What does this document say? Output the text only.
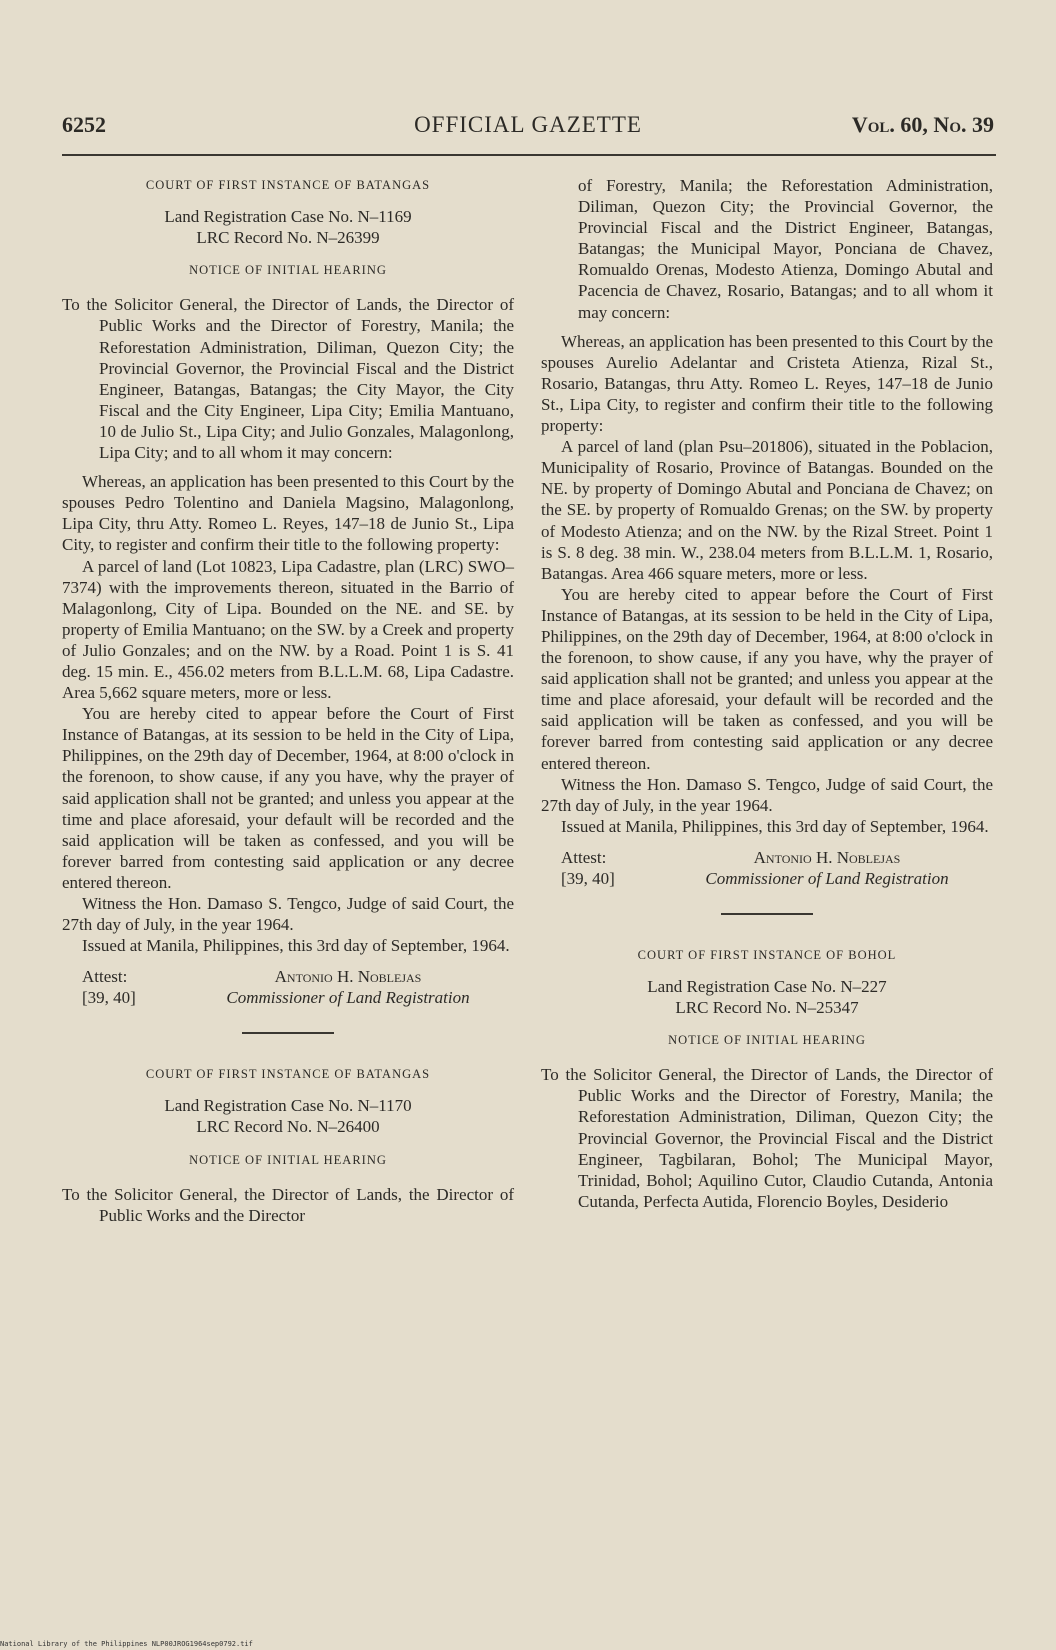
6252	OFFICIAL GAZETTE	Vol. 60, No. 39

COURT OF FIRST INSTANCE OF BATANGAS

Land Registration Case No. N–1169

LRC Record No. N–26399

NOTICE OF INITIAL HEARING

To the Solicitor General, the Director of Lands, the Director of Public Works and the Director of Forestry, Manila; the Reforestation Administration, Diliman, Quezon City; the Provincial Governor, the Provincial Fiscal and the District Engineer, Batangas, Batangas; the City Mayor, the City Fiscal and the City Engineer, Lipa City; Emilia Mantuano, 10 de Julio St., Lipa City; and Julio Gonzales, Malagonlong, Lipa City; and to all whom it may concern:

Whereas, an application has been presented to this Court by the spouses Pedro Tolentino and Daniela Magsino, Malagonlong, Lipa City, thru Atty. Romeo L. Reyes, 147–18 de Junio St., Lipa City, to register and confirm their title to the following property:

A parcel of land (Lot 10823, Lipa Cadastre, plan (LRC) SWO–7374) with the improvements thereon, situated in the Barrio of Malagonlong, City of Lipa. Bounded on the NE. and SE. by property of Emilia Mantuano; on the SW. by a Creek and property of Julio Gonzales; and on the NW. by a Road. Point 1 is S. 41 deg. 15 min. E., 456.02 meters from B.L.L.M. 68, Lipa Cadastre. Area 5,662 square meters, more or less.

You are hereby cited to appear before the Court of First Instance of Batangas, at its session to be held in the City of Lipa, Philippines, on the 29th day of December, 1964, at 8:00 o'clock in the forenoon, to show cause, if any you have, why the prayer of said application shall not be granted; and unless you appear at the time and place aforesaid, your default will be recorded and the said application will be taken as confessed, and you will be forever barred from contesting said application or any decree entered thereon.

Witness the Hon. Damaso S. Tengco, Judge of said Court, the 27th day of July, in the year 1964.

Issued at Manila, Philippines, this 3rd day of September, 1964.

Attest:
[39, 40]
Antonio H. Noblejas
Commissioner of Land Registration

COURT OF FIRST INSTANCE OF BATANGAS

Land Registration Case No. N–1170

LRC Record No. N–26400

NOTICE OF INITIAL HEARING

To the Solicitor General, the Director of Lands, the Director of Public Works and the Director

of Forestry, Manila; the Reforestation Administration, Diliman, Quezon City; the Provincial Governor, the Provincial Fiscal and the District Engineer, Batangas, Batangas; the Municipal Mayor, Ponciana de Chavez, Romualdo Orenas, Modesto Atienza, Domingo Abutal and Pacencia de Chavez, Rosario, Batangas; and to all whom it may concern:

Whereas, an application has been presented to this Court by the spouses Aurelio Adelantar and Cristeta Atienza, Rizal St., Rosario, Batangas, thru Atty. Romeo L. Reyes, 147–18 de Junio St., Lipa City, to register and confirm their title to the following property:

A parcel of land (plan Psu–201806), situated in the Poblacion, Municipality of Rosario, Province of Batangas. Bounded on the NE. by property of Domingo Abutal and Ponciana de Chavez; on the SE. by property of Romualdo Grenas; on the SW. by property of Modesto Atienza; and on the NW. by the Rizal Street. Point 1 is S. 8 deg. 38 min. W., 238.04 meters from B.L.L.M. 1, Rosario, Batangas. Area 466 square meters, more or less.

You are hereby cited to appear before the Court of First Instance of Batangas, at its session to be held in the City of Lipa, Philippines, on the 29th day of December, 1964, at 8:00 o'clock in the forenoon, to show cause, if any you have, why the prayer of said application shall not be granted; and unless you appear at the time and place aforesaid, your default will be recorded and the said application will be taken as confessed, and you will be forever barred from contesting said application or any decree entered thereon.

Witness the Hon. Damaso S. Tengco, Judge of said Court, the 27th day of July, in the year 1964.

Issued at Manila, Philippines, this 3rd day of September, 1964.

Attest:
[39, 40]
Antonio H. Noblejas
Commissioner of Land Registration

COURT OF FIRST INSTANCE OF BOHOL

Land Registration Case No. N–227

LRC Record No. N–25347

NOTICE OF INITIAL HEARING

To the Solicitor General, the Director of Lands, the Director of Public Works and the Director of Forestry, Manila; the Reforestation Administration, Diliman, Quezon City; the Provincial Governor, the Provincial Fiscal and the District Engineer, Tagbilaran, Bohol; The Municipal Mayor, Trinidad, Bohol; Aquilino Cutor, Claudio Cutanda, Antonia Cutanda, Perfecta Autida, Florencio Boyles, Desiderio

National Library of the Philippines NLP00JROG1964sep0792.tif
